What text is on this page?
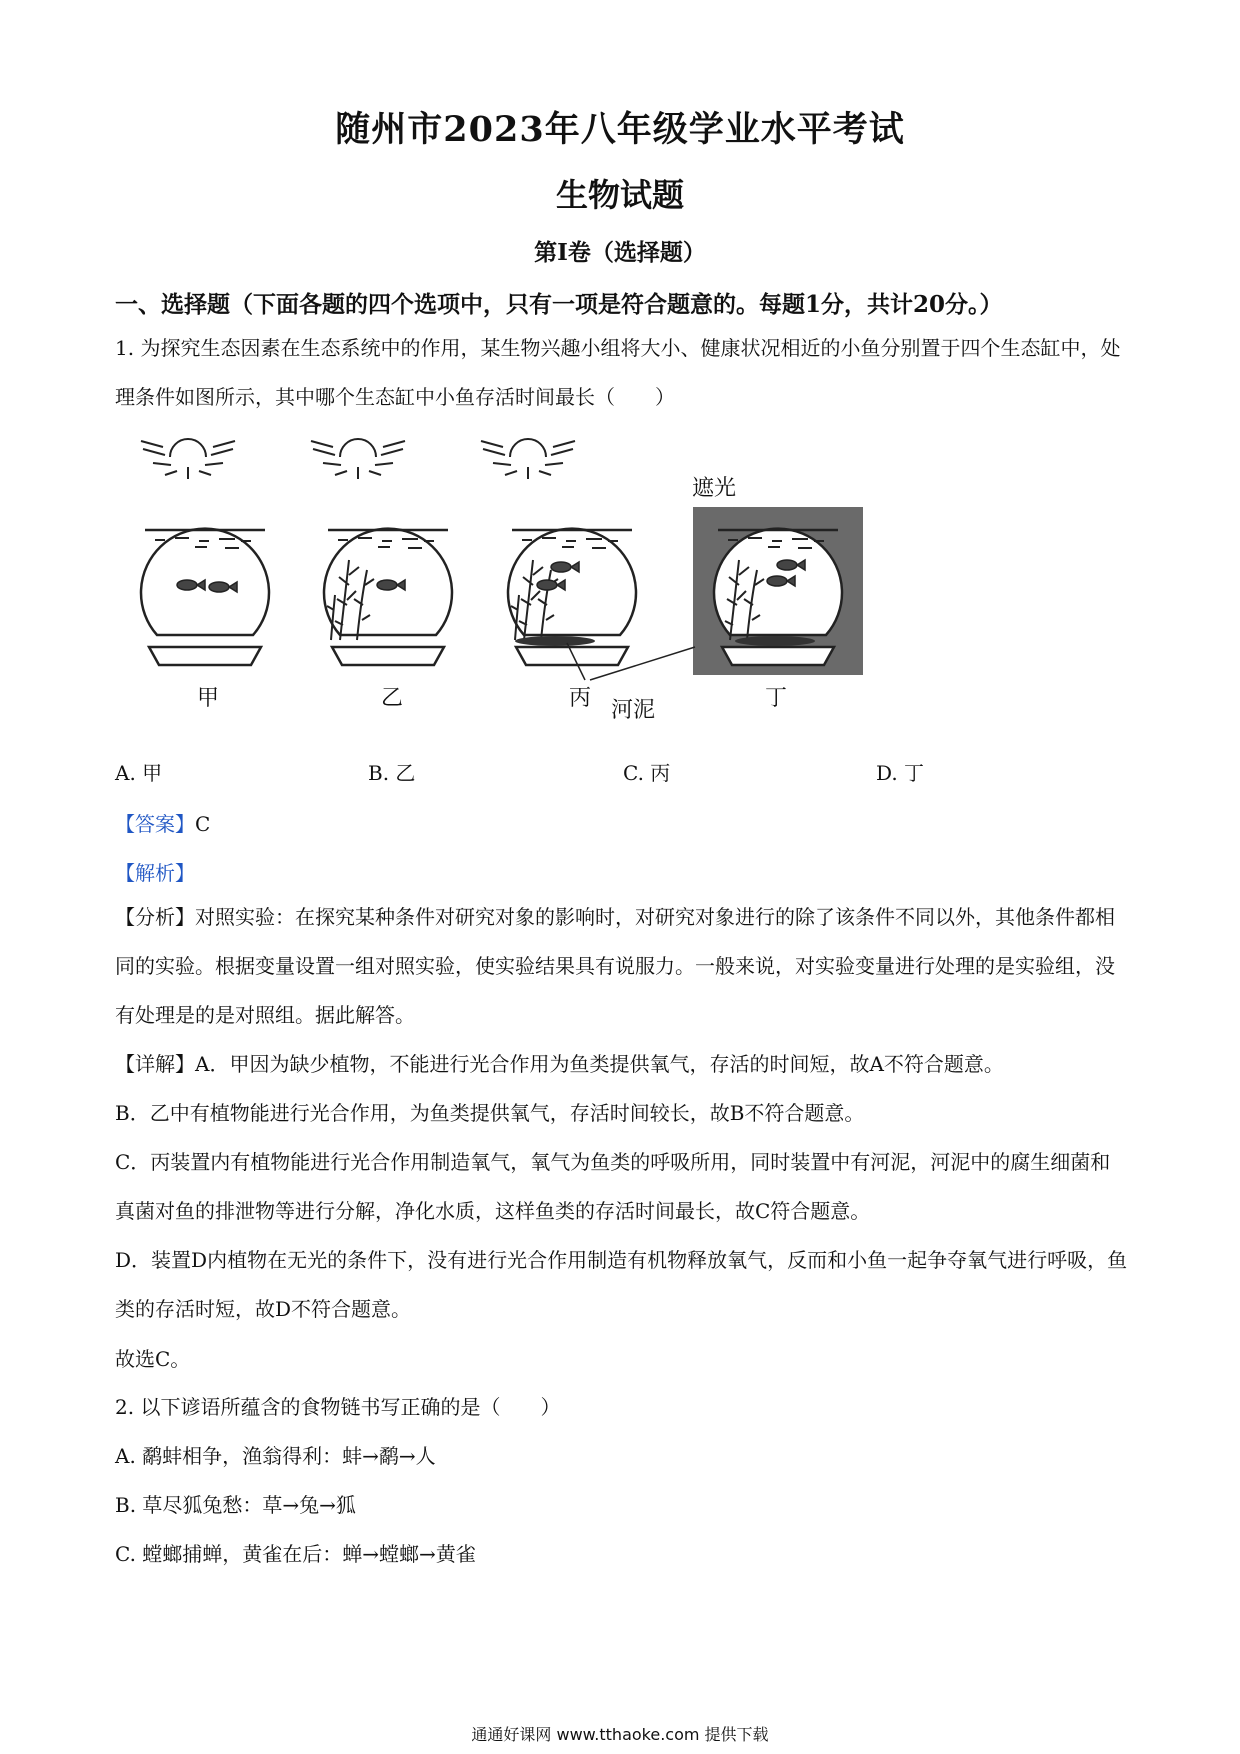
随州市2023年八年级学业水平考试
生物试题
第Ⅰ卷（选择题）
一、选择题（下面各题的四个选项中，只有一项是符合题意的。每题1分，共计20分。）
1. 为探究生态因素在生态系统中的作用，某生物兴趣小组将大小、健康状况相近的小鱼分别置于四个生态缸中，处理条件如图所示，其中哪个生态缸中小鱼存活时间最长（　　）
遮光
甲	乙	丙 河泥	丁
A. 甲	B. 乙	C. 丙	D. 丁
【答案】C
【解析】
【分析】对照实验：在探究某种条件对研究对象的影响时，对研究对象进行的除了该条件不同以外，其他条件都相同的实验。根据变量设置一组对照实验，使实验结果具有说服力。一般来说，对实验变量进行处理的是实验组，没有处理是的是对照组。据此解答。
【详解】A．甲因为缺少植物，不能进行光合作用为鱼类提供氧气，存活的时间短，故A不符合题意。
B．乙中有植物能进行光合作用，为鱼类提供氧气，存活时间较长，故B不符合题意。
C．丙装置内有植物能进行光合作用制造氧气，氧气为鱼类的呼吸所用，同时装置中有河泥，河泥中的腐生细菌和真菌对鱼的排泄物等进行分解，净化水质，这样鱼类的存活时间最长，故C符合题意。
D．装置D内植物在无光的条件下，没有进行光合作用制造有机物释放氧气，反而和小鱼一起争夺氧气进行呼吸，鱼类的存活时短，故D不符合题意。
故选C。
2. 以下谚语所蕴含的食物链书写正确的是（　　）
A. 鹬蚌相争，渔翁得利：蚌→鹬→人
B. 草尽狐兔愁：草→兔→狐
C. 螳螂捕蝉，黄雀在后：蝉→螳螂→黄雀
通通好课网 www.tthaoke.com 提供下载
